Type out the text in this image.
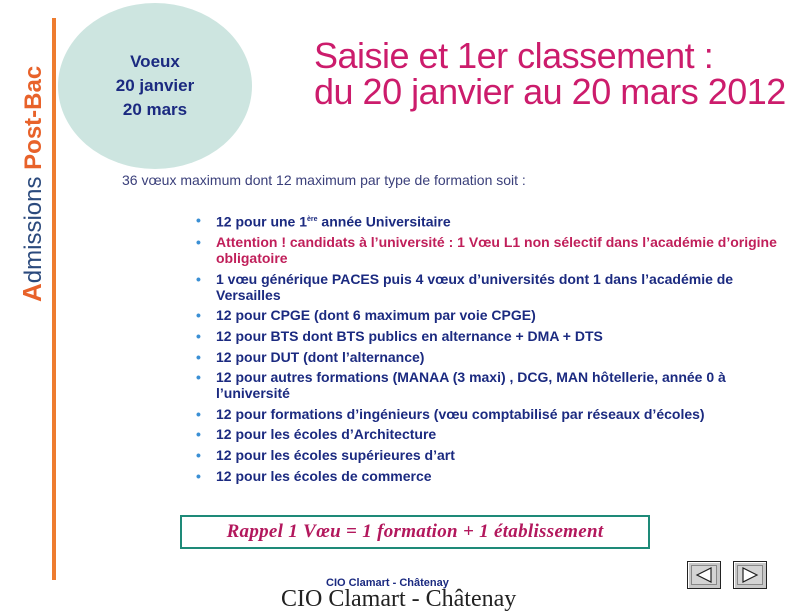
Admissions Post-Bac
Voeux
20 janvier
20 mars
Saisie et 1er classement :
du 20 janvier au 20 mars 2012
36 vœux maximum dont 12 maximum par type de formation soit :
• 12 pour une 1ère année Universitaire
• Attention ! candidats à l’université : 1 Vœu L1 non sélectif dans l’académie d’origine obligatoire
• 1 vœu générique PACES puis 4 vœux d’universités dont 1 dans l’académie de Versailles
• 12 pour CPGE (dont 6 maximum par voie CPGE)
• 12 pour BTS dont BTS publics en alternance + DMA + DTS
• 12 pour DUT (dont l’alternance)
• 12 pour autres formations (MANAA (3 maxi) , DCG, MAN hôtellerie, année 0 à l’université
• 12 pour formations d’ingénieurs (vœu comptabilisé par réseaux d’écoles)
• 12 pour les écoles d’Architecture
• 12 pour les écoles supérieures d’art
• 12 pour les écoles de commerce
Rappel 1 Vœu = 1 formation + 1 établissement
CIO Clamart - Châtenay
CIO Clamart - Châtenay
